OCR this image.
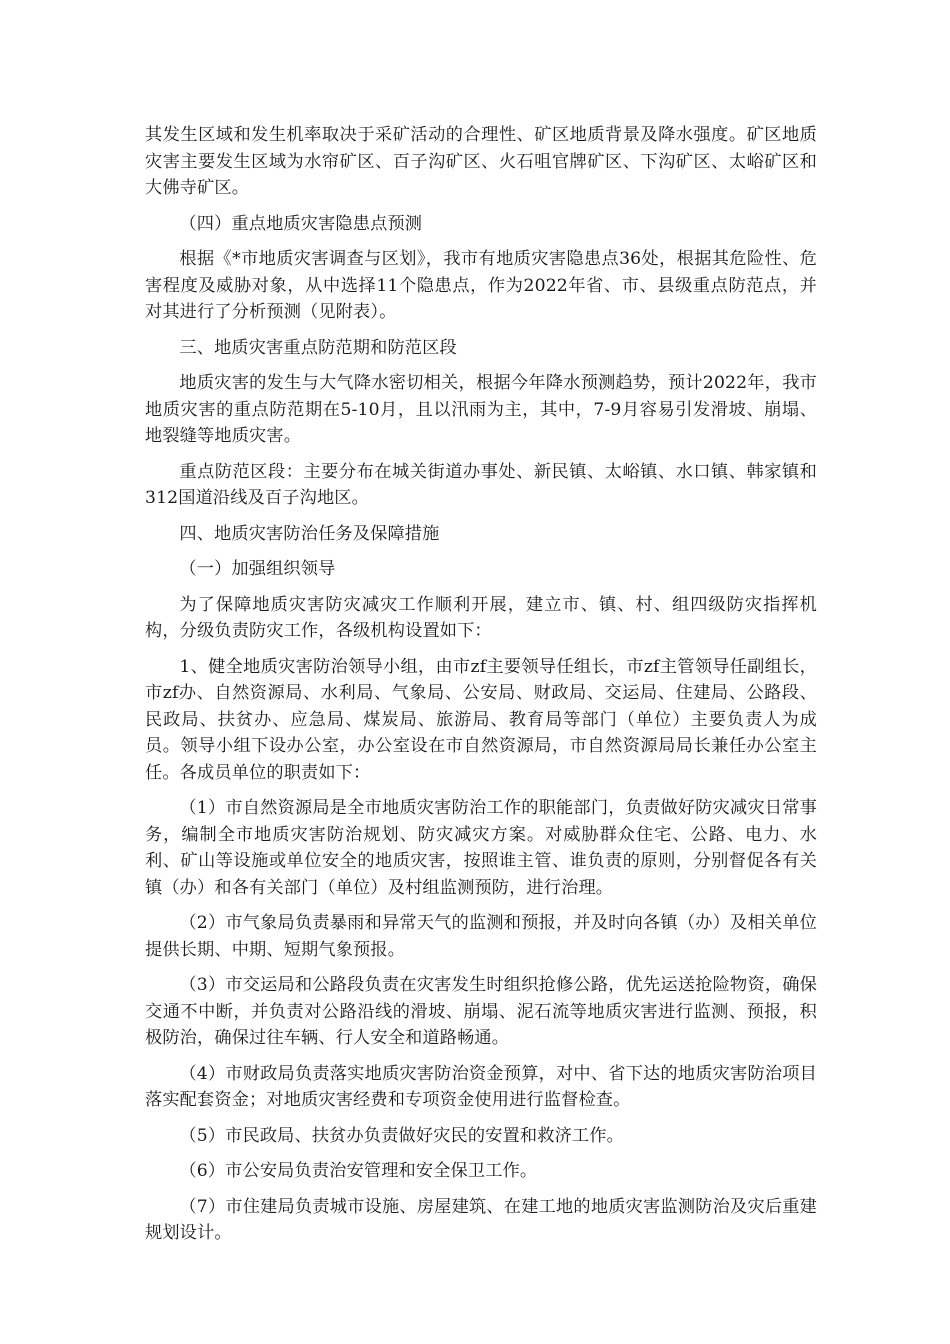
其发生区域和发生机率取决于采矿活动的合理性、矿区地质背景及降水强度。矿区地质灾害主要发生区域为水帘矿区、百子沟矿区、火石咀官牌矿区、下沟矿区、太峪矿区和大佛寺矿区。

（四）重点地质灾害隐患点预测

根据《*市地质灾害调查与区划》，我市有地质灾害隐患点36处，根据其危险性、危害程度及威胁对象，从中选择11个隐患点，作为2022年省、市、县级重点防范点，并对其进行了分析预测（见附表）。

三、地质灾害重点防范期和防范区段

地质灾害的发生与大气降水密切相关，根据今年降水预测趋势，预计2022年，我市地质灾害的重点防范期在5-10月，且以汛雨为主，其中，7-9月容易引发滑坡、崩塌、地裂缝等地质灾害。

重点防范区段：主要分布在城关街道办事处、新民镇、太峪镇、水口镇、韩家镇和312国道沿线及百子沟地区。

四、地质灾害防治任务及保障措施

（一）加强组织领导

为了保障地质灾害防灾减灾工作顺利开展，建立市、镇、村、组四级防灾指挥机构，分级负责防灾工作，各级机构设置如下：

1、健全地质灾害防治领导小组，由市zf主要领导任组长，市zf主管领导任副组长，市zf办、自然资源局、水利局、气象局、公安局、财政局、交运局、住建局、公路段、民政局、扶贫办、应急局、煤炭局、旅游局、教育局等部门（单位）主要负责人为成员。领导小组下设办公室，办公室设在市自然资源局，市自然资源局局长兼任办公室主任。各成员单位的职责如下：

（1）市自然资源局是全市地质灾害防治工作的职能部门，负责做好防灾减灾日常事务，编制全市地质灾害防治规划、防灾减灾方案。对威胁群众住宅、公路、电力、水利、矿山等设施或单位安全的地质灾害，按照谁主管、谁负责的原则，分别督促各有关镇（办）和各有关部门（单位）及村组监测预防，进行治理。

（2）市气象局负责暴雨和异常天气的监测和预报，并及时向各镇（办）及相关单位提供长期、中期、短期气象预报。

（3）市交运局和公路段负责在灾害发生时组织抢修公路，优先运送抢险物资，确保交通不中断，并负责对公路沿线的滑坡、崩塌、泥石流等地质灾害进行监测、预报，积极防治，确保过往车辆、行人安全和道路畅通。

（4）市财政局负责落实地质灾害防治资金预算，对中、省下达的地质灾害防治项目落实配套资金；对地质灾害经费和专项资金使用进行监督检查。

（5）市民政局、扶贫办负责做好灾民的安置和救济工作。

（6）市公安局负责治安管理和安全保卫工作。

（7）市住建局负责城市设施、房屋建筑、在建工地的地质灾害监测防治及灾后重建规划设计。
